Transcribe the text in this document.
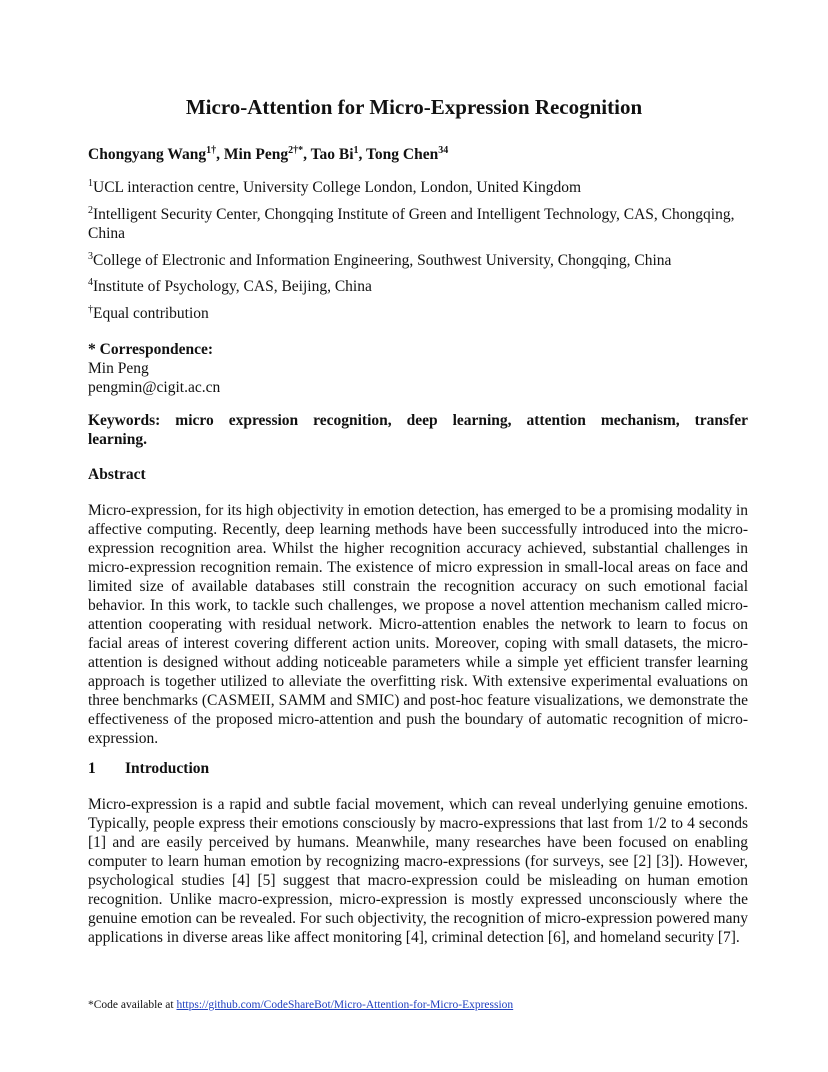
Micro-Attention for Micro-Expression Recognition
Chongyang Wang$^{1\dagger}$, Min Peng$^{2\dagger*}$, Tao Bi$^1$, Tong Chen$^{34}$
$^1$UCL interaction centre, University College London, London, United Kingdom
$^2$Intelligent Security Center, Chongqing Institute of Green and Intelligent Technology, CAS, Chongqing, China
$^3$College of Electronic and Information Engineering, Southwest University, Chongqing, China
$^4$Institute of Psychology, CAS, Beijing, China
†Equal contribution
* Correspondence:
Min Peng
pengmin@cigit.ac.cn
Keywords: micro expression recognition, deep learning, attention mechanism, transfer learning.
Abstract
Micro-expression, for its high objectivity in emotion detection, has emerged to be a promising modality in affective computing. Recently, deep learning methods have been successfully introduced into the micro-expression recognition area. Whilst the higher recognition accuracy achieved, substantial challenges in micro-expression recognition remain. The existence of micro expression in small-local areas on face and limited size of available databases still constrain the recognition accuracy on such emotional facial behavior. In this work, to tackle such challenges, we propose a novel attention mechanism called micro-attention cooperating with residual network. Micro-attention enables the network to learn to focus on facial areas of interest covering different action units. Moreover, coping with small datasets, the micro-attention is designed without adding noticeable parameters while a simple yet efficient transfer learning approach is together utilized to alleviate the overfitting risk. With extensive experimental evaluations on three benchmarks (CASMEII, SAMM and SMIC) and post-hoc feature visualizations, we demonstrate the effectiveness of the proposed micro-attention and push the boundary of automatic recognition of micro-expression.
1 Introduction
Micro-expression is a rapid and subtle facial movement, which can reveal underlying genuine emotions. Typically, people express their emotions consciously by macro-expressions that last from 1/2 to 4 seconds [1] and are easily perceived by humans. Meanwhile, many researches have been focused on enabling computer to learn human emotion by recognizing macro-expressions (for surveys, see [2] [3]). However, psychological studies [4] [5] suggest that macro-expression could be misleading on human emotion recognition. Unlike macro-expression, micro-expression is mostly expressed unconsciously where the genuine emotion can be revealed. For such objectivity, the recognition of micro-expression powered many applications in diverse areas like affect monitoring [4], criminal detection [6], and homeland security [7].
*Code available at https://github.com/CodeShareBot/Micro-Attention-for-Micro-Expression
